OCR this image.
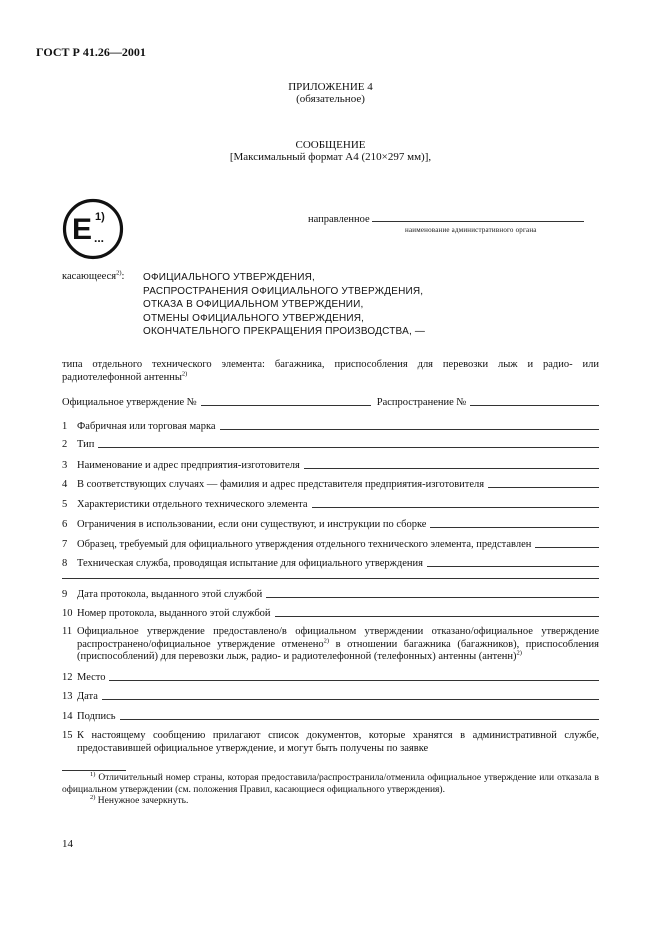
ГОСТ Р 41.26—2001
ПРИЛОЖЕНИЕ 4
(обязательное)
СООБЩЕНИЕ
[Максимальный формат А4 (210×297 мм)],
E 1)
...
направленное
наименование административного органа
касающееся$^{2)}$: ОФИЦИАЛЬНОГО УТВЕРЖДЕНИЯ,
РАСПРОСТРАНЕНИЯ ОФИЦИАЛЬНОГО УТВЕРЖДЕНИЯ,
ОТКАЗА В ОФИЦИАЛЬНОМ УТВЕРЖДЕНИИ,
ОТМЕНЫ ОФИЦИАЛЬНОГО УТВЕРЖДЕНИЯ,
ОКОНЧАТЕЛЬНОГО ПРЕКРАЩЕНИЯ ПРОИЗВОДСТВА, —
типа отдельного технического элемента: багажника, приспособления для перевозки лыж и радио- или радиотелефонной антенны$^{2)}$
Официальное утверждение №	Распространение №
1 Фабричная или торговая марка
2 Тип
3 Наименование и адрес предприятия-изготовителя
4 В соответствующих случаях — фамилия и адрес представителя предприятия-изготовителя
5 Характеристики отдельного технического элемента
6 Ограничения в использовании, если они существуют, и инструкции по сборке
7 Образец, требуемый для официального утверждения отдельного технического элемента, представлен
8 Техническая служба, проводящая испытание для официального утверждения
9 Дата протокола, выданного этой службой
10 Номер протокола, выданного этой службой
11 Официальное утверждение предоставлено/в официальном утверждении отказано/официальное утверждение распространено/официальное утверждение отменено$^{2)}$ в отношении багажника (багажников), приспособления (приспособлений) для перевозки лыж, радио- и радиотелефонной (телефонных) антенны (антенн)$^{2)}$
12 Место
13 Дата
14 Подпись
15 К настоящему сообщению прилагают список документов, которые хранятся в административной службе, предоставившей официальное утверждение, и могут быть получены по заявке
$^{1)}$ Отличительный номер страны, которая предоставила/распространила/отменила официальное утверждение или отказала в официальном утверждении (см. положения Правил, касающиеся официального утверждения).
$^{2)}$ Ненужное зачеркнуть.
14
